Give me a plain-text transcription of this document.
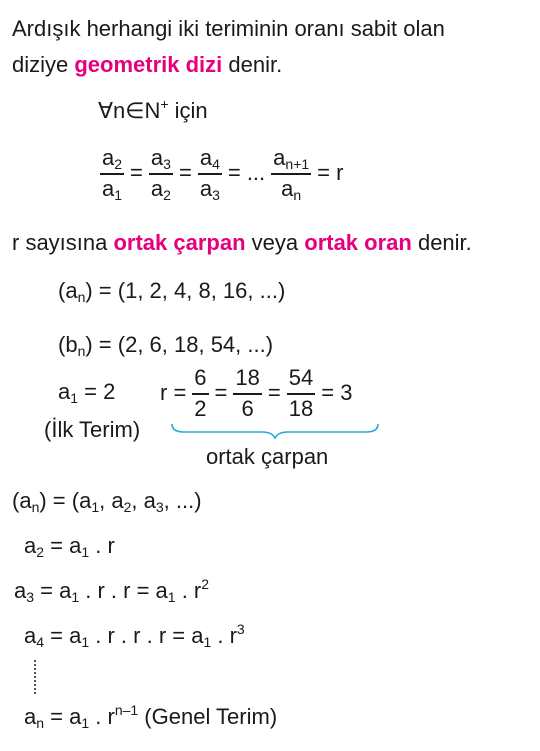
Ardışık herhangi iki teriminin oranı sabit olan
diziye geometrik dizi denir.
∀n∈N+ için
$\frac{a_2}{a_1} = \frac{a_3}{a_2} = \frac{a_4}{a_3}$ = ... $\frac{a_{n+1}}{a_n} = r$
r sayısına ortak çarpan veya ortak oran denir.
$(a_n) = (1$, 2, 4, 8, 16, ...)
$(b_n) = (2$, 6, 18, 54, ...)
$a_1 = 2$
(İlk Terim)
$r = \frac{6}{2} = \frac{18}{6} = \frac{54}{18} = 3$
ortak çarpan
$(a_n) = (a_1$, $a_2$, $a_3$, ...)
$a_2 = a_1$ . r
$a_3 = a_1$ . r . $r = a_1$ . $r^2$
$a_4 = a_1$ . r . r . $r = a_1$ . $r^3$
$a_n = a_1$ . $r^{n-1}$ (Genel Terim)
